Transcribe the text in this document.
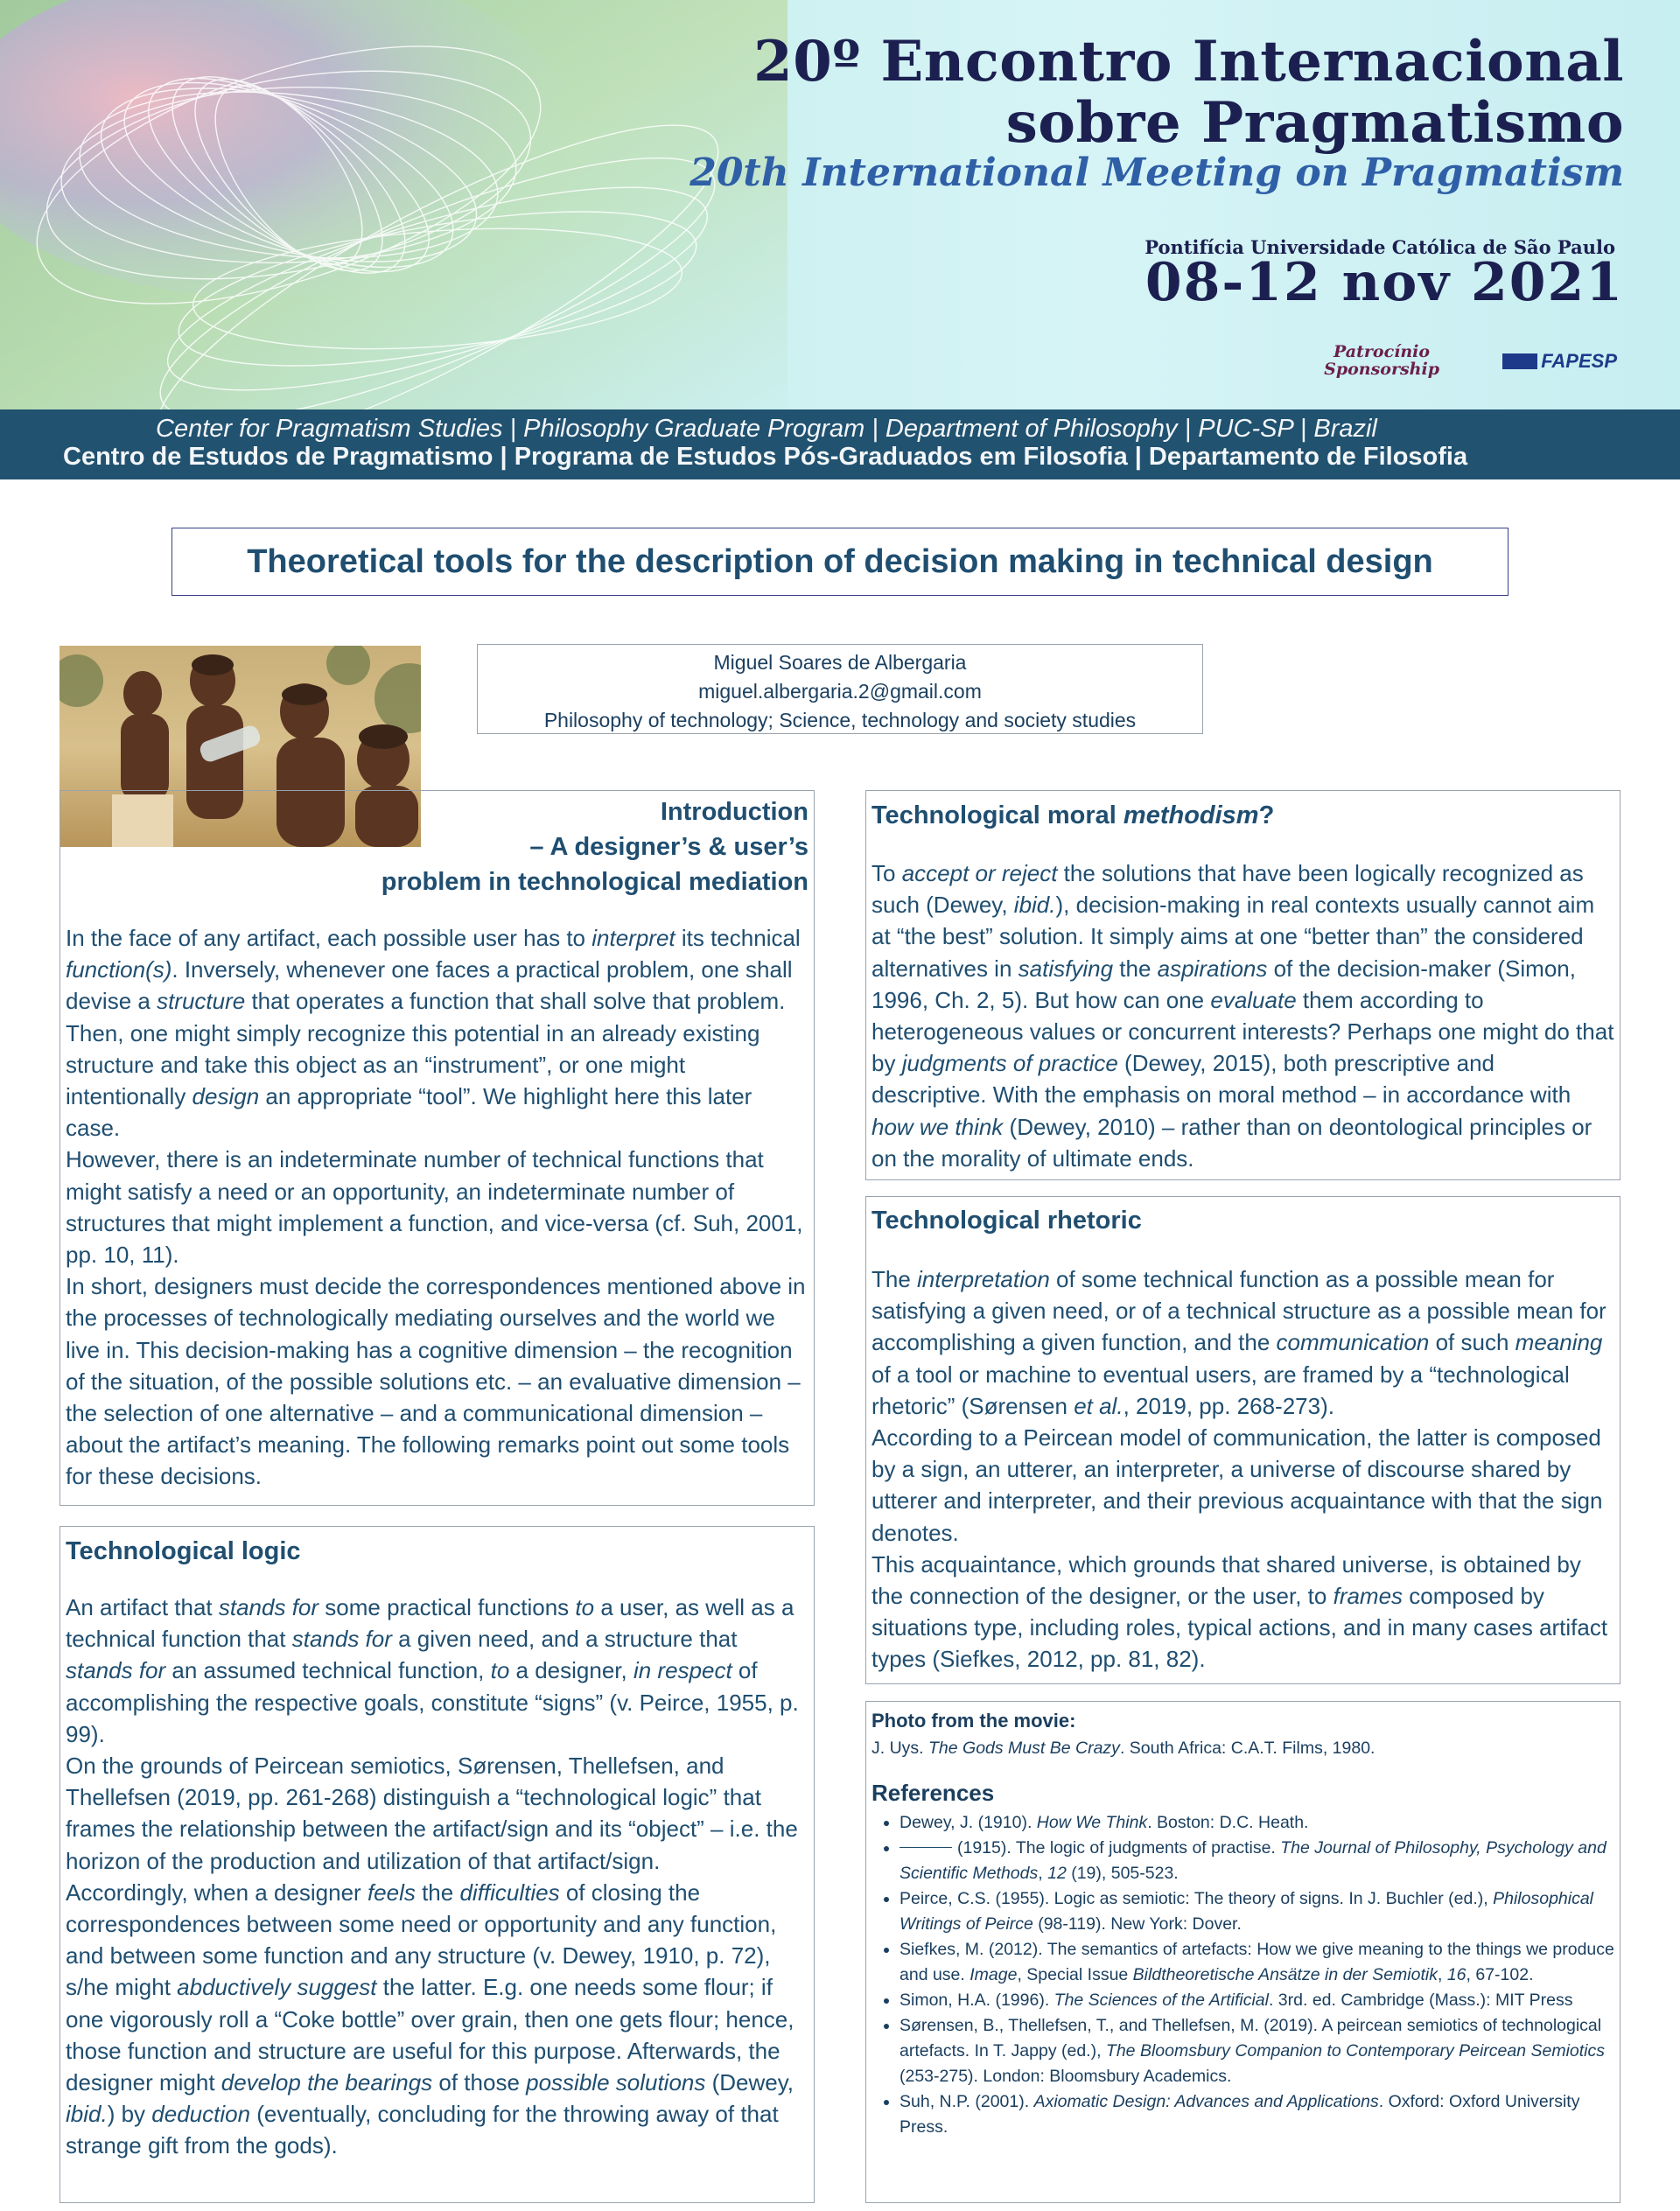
20º Encontro Internacional
sobre Pragmatismo
20th International Meeting on Pragmatism
Pontifícia Universidade Católica de São Paulo
08-12 nov 2021
Patrocínio
Sponsorship	FAPESP
Center for Pragmatism Studies | Philosophy Graduate Program | Department of Philosophy | PUC-SP | Brazil
Centro de Estudos de Pragmatismo | Programa de Estudos Pós-Graduados em Filosofia | Departamento de Filosofia
Theoretical tools for the description of decision making in technical design
Miguel Soares de Albergaria
miguel.albergaria.2@gmail.com
Philosophy of technology; Science, technology and society studies
Introduction
– A designer’s & user’s
problem in technological mediation

In the face of any artifact, each possible user has to interpret its technical function(s). Inversely, whenever one faces a practical problem, one shall devise a structure that operates a function that shall solve that problem. Then, one might simply recognize this potential in an already existing structure and take this object as an “instrument”, or one might intentionally design an appropriate “tool”. We highlight here this later case.

However, there is an indeterminate number of technical functions that might satisfy a need or an opportunity, an indeterminate number of structures that might implement a function, and vice-versa (cf. Suh, 2001, pp. 10, 11).

In short, designers must decide the correspondences mentioned above in the processes of technologically mediating ourselves and the world we live in. This decision-making has a cognitive dimension – the recognition of the situation, of the possible solutions etc. – an evaluative dimension – the selection of one alternative – and a communicational dimension – about the artifact’s meaning. The following remarks point out some tools for these decisions.

Technological logic

An artifact that stands for some practical functions to a user, as well as a technical function that stands for a given need, and a structure that stands for an assumed technical function, to a designer, in respect of accomplishing the respective goals, constitute “signs” (v. Peirce, 1955, p. 99).

On the grounds of Peircean semiotics, Sørensen, Thellefsen, and Thellefsen (2019, pp. 261-268) distinguish a “technological logic” that frames the relationship between the artifact/sign and its “object” – i.e. the horizon of the production and utilization of that artifact/sign.

Accordingly, when a designer feels the difficulties of closing the correspondences between some need or opportunity and any function, and between some function and any structure (v. Dewey, 1910, p. 72), s/he might abductively suggest the latter. E.g. one needs some flour; if one vigorously roll a “Coke bottle” over grain, then one gets flour; hence, those function and structure are useful for this purpose. Afterwards, the designer might develop the bearings of those possible solutions (Dewey, ibid.) by deduction (eventually, concluding for the throwing away of that strange gift from the gods).

Technological moral methodism?

To accept or reject the solutions that have been logically recognized as such (Dewey, ibid.), decision-making in real contexts usually cannot aim at “the best” solution. It simply aims at one “better than” the considered alternatives in satisfying the aspirations of the decision-maker (Simon, 1996, Ch. 2, 5). But how can one evaluate them according to heterogeneous values or concurrent interests? Perhaps one might do that by judgments of practice (Dewey, 2015), both prescriptive and descriptive. With the emphasis on moral method – in accordance with how we think (Dewey, 2010) – rather than on deontological principles or on the morality of ultimate ends.

Technological rhetoric

The interpretation of some technical function as a possible mean for satisfying a given need, or of a technical structure as a possible mean for accomplishing a given function, and the communication of such meaning of a tool or machine to eventual users, are framed by a “technological rhetoric” (Sørensen et al., 2019, pp. 268-273).

According to a Peircean model of communication, the latter is composed by a sign, an utterer, an interpreter, a universe of discourse shared by utterer and interpreter, and their previous acquaintance with that the sign denotes.

This acquaintance, which grounds that shared universe, is obtained by the connection of the designer, or the user, to frames composed by situations type, including roles, typical actions, and in many cases artifact types (Siefkes, 2012, pp. 81, 82).

Photo from the movie:
J. Uys. The Gods Must Be Crazy. South Africa: C.A.T. Films, 1980.
References
• Dewey, J. (1910). How We Think. Boston: D.C. Heath.
• (1915). The logic of judgments of practise. The Journal of Philosophy, Psychology and Scientific Methods, 12 (19), 505-523.
• Peirce, C.S. (1955). Logic as semiotic: The theory of signs. In J. Buchler (ed.), Philosophical Writings of Peirce (98-119). New York: Dover.
• Siefkes, M. (2012). The semantics of artefacts: How we give meaning to the things we produce and use. Image, Special Issue Bildtheoretische Ansätze in der Semiotik, 16, 67-102.
• Simon, H.A. (1996). The Sciences of the Artificial. 3rd. ed. Cambridge (Mass.): MIT Press
• Sørensen, B., Thellefsen, T., and Thellefsen, M. (2019). A peircean semiotics of technological artefacts. In T. Jappy (ed.), The Bloomsbury Companion to Contemporary Peircean Semiotics (253-275). London: Bloomsbury Academics.
• Suh, N.P. (2001). Axiomatic Design: Advances and Applications. Oxford: Oxford University Press.
